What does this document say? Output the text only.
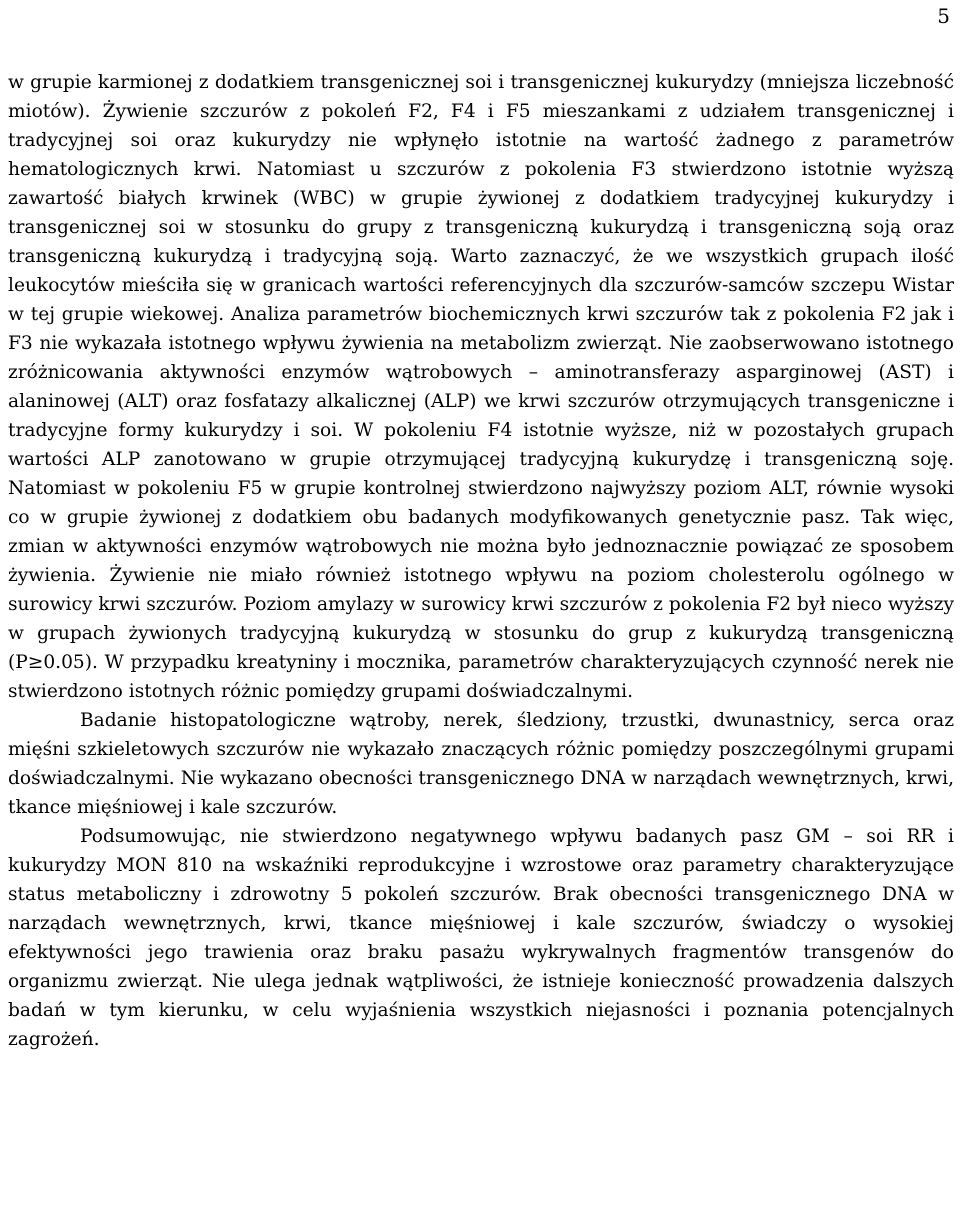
5

w grupie karmionej z dodatkiem transgenicznej soi i transgenicznej kukurydzy (mniejsza liczebność miotów). Żywienie szczurów z pokoleń F2, F4 i F5 mieszankami z udziałem transgenicznej i tradycyjnej soi oraz kukurydzy nie wpłynęło istotnie na wartość żadnego z parametrów hematologicznych krwi. Natomiast u szczurów z pokolenia F3 stwierdzono istotnie wyższą zawartość białych krwinek (WBC) w grupie żywionej z dodatkiem tradycyjnej kukurydzy i transgenicznej soi w stosunku do grupy z transgeniczną kukurydzą i transgeniczną soją oraz transgeniczną kukurydzą i tradycyjną soją. Warto zaznaczyć, że we wszystkich grupach ilość leukocytów mieściła się w granicach wartości referencyjnych dla szczurów-samców szczepu Wistar w tej grupie wiekowej. Analiza parametrów biochemicznych krwi szczurów tak z pokolenia F2 jak i F3 nie wykazała istotnego wpływu żywienia na metabolizm zwierząt. Nie zaobserwowano istotnego zróżnicowania aktywności enzymów wątrobowych – aminotransferazy asparginowej (AST) i alaninowej (ALT) oraz fosfatazy alkalicznej (ALP) we krwi szczurów otrzymujących transgeniczne i tradycyjne formy kukurydzy i soi. W pokoleniu F4 istotnie wyższe, niż w pozostałych grupach wartości ALP zanotowano w grupie otrzymującej tradycyjną kukurydzę i transgeniczną soję. Natomiast w pokoleniu F5 w grupie kontrolnej stwierdzono najwyższy poziom ALT, równie wysoki co w grupie żywionej z dodatkiem obu badanych modyfikowanych genetycznie pasz. Tak więc, zmian w aktywności enzymów wątrobowych nie można było jednoznacznie powiązać ze sposobem żywienia. Żywienie nie miało również istotnego wpływu na poziom cholesterolu ogólnego w surowicy krwi szczurów. Poziom amylazy w surowicy krwi szczurów z pokolenia F2 był nieco wyższy w grupach żywionych tradycyjną kukurydzą w stosunku do grup z kukurydzą transgeniczną (P≥0.05). W przypadku kreatyniny i mocznika, parametrów charakteryzujących czynność nerek nie stwierdzono istotnych różnic pomiędzy grupami doświadczalnymi.

Badanie histopatologiczne wątroby, nerek, śledziony, trzustki, dwunastnicy, serca oraz mięśni szkieletowych szczurów nie wykazało znaczących różnic pomiędzy poszczególnymi grupami doświadczalnymi. Nie wykazano obecności transgenicznego DNA w narządach wewnętrznych, krwi, tkance mięśniowej i kale szczurów.

Podsumowując, nie stwierdzono negatywnego wpływu badanych pasz GM – soi RR i kukurydzy MON 810 na wskaźniki reprodukcyjne i wzrostowe oraz parametry charakteryzujące status metaboliczny i zdrowotny 5 pokoleń szczurów. Brak obecności transgenicznego DNA w narządach wewnętrznych, krwi, tkance mięśniowej i kale szczurów, świadczy o wysokiej efektywności jego trawienia oraz braku pasażu wykrywalnych fragmentów transgenów do organizmu zwierząt. Nie ulega jednak wątpliwości, że istnieje konieczność prowadzenia dalszych badań w tym kierunku, w celu wyjaśnienia wszystkich niejasności i poznania potencjalnych zagrożeń.
